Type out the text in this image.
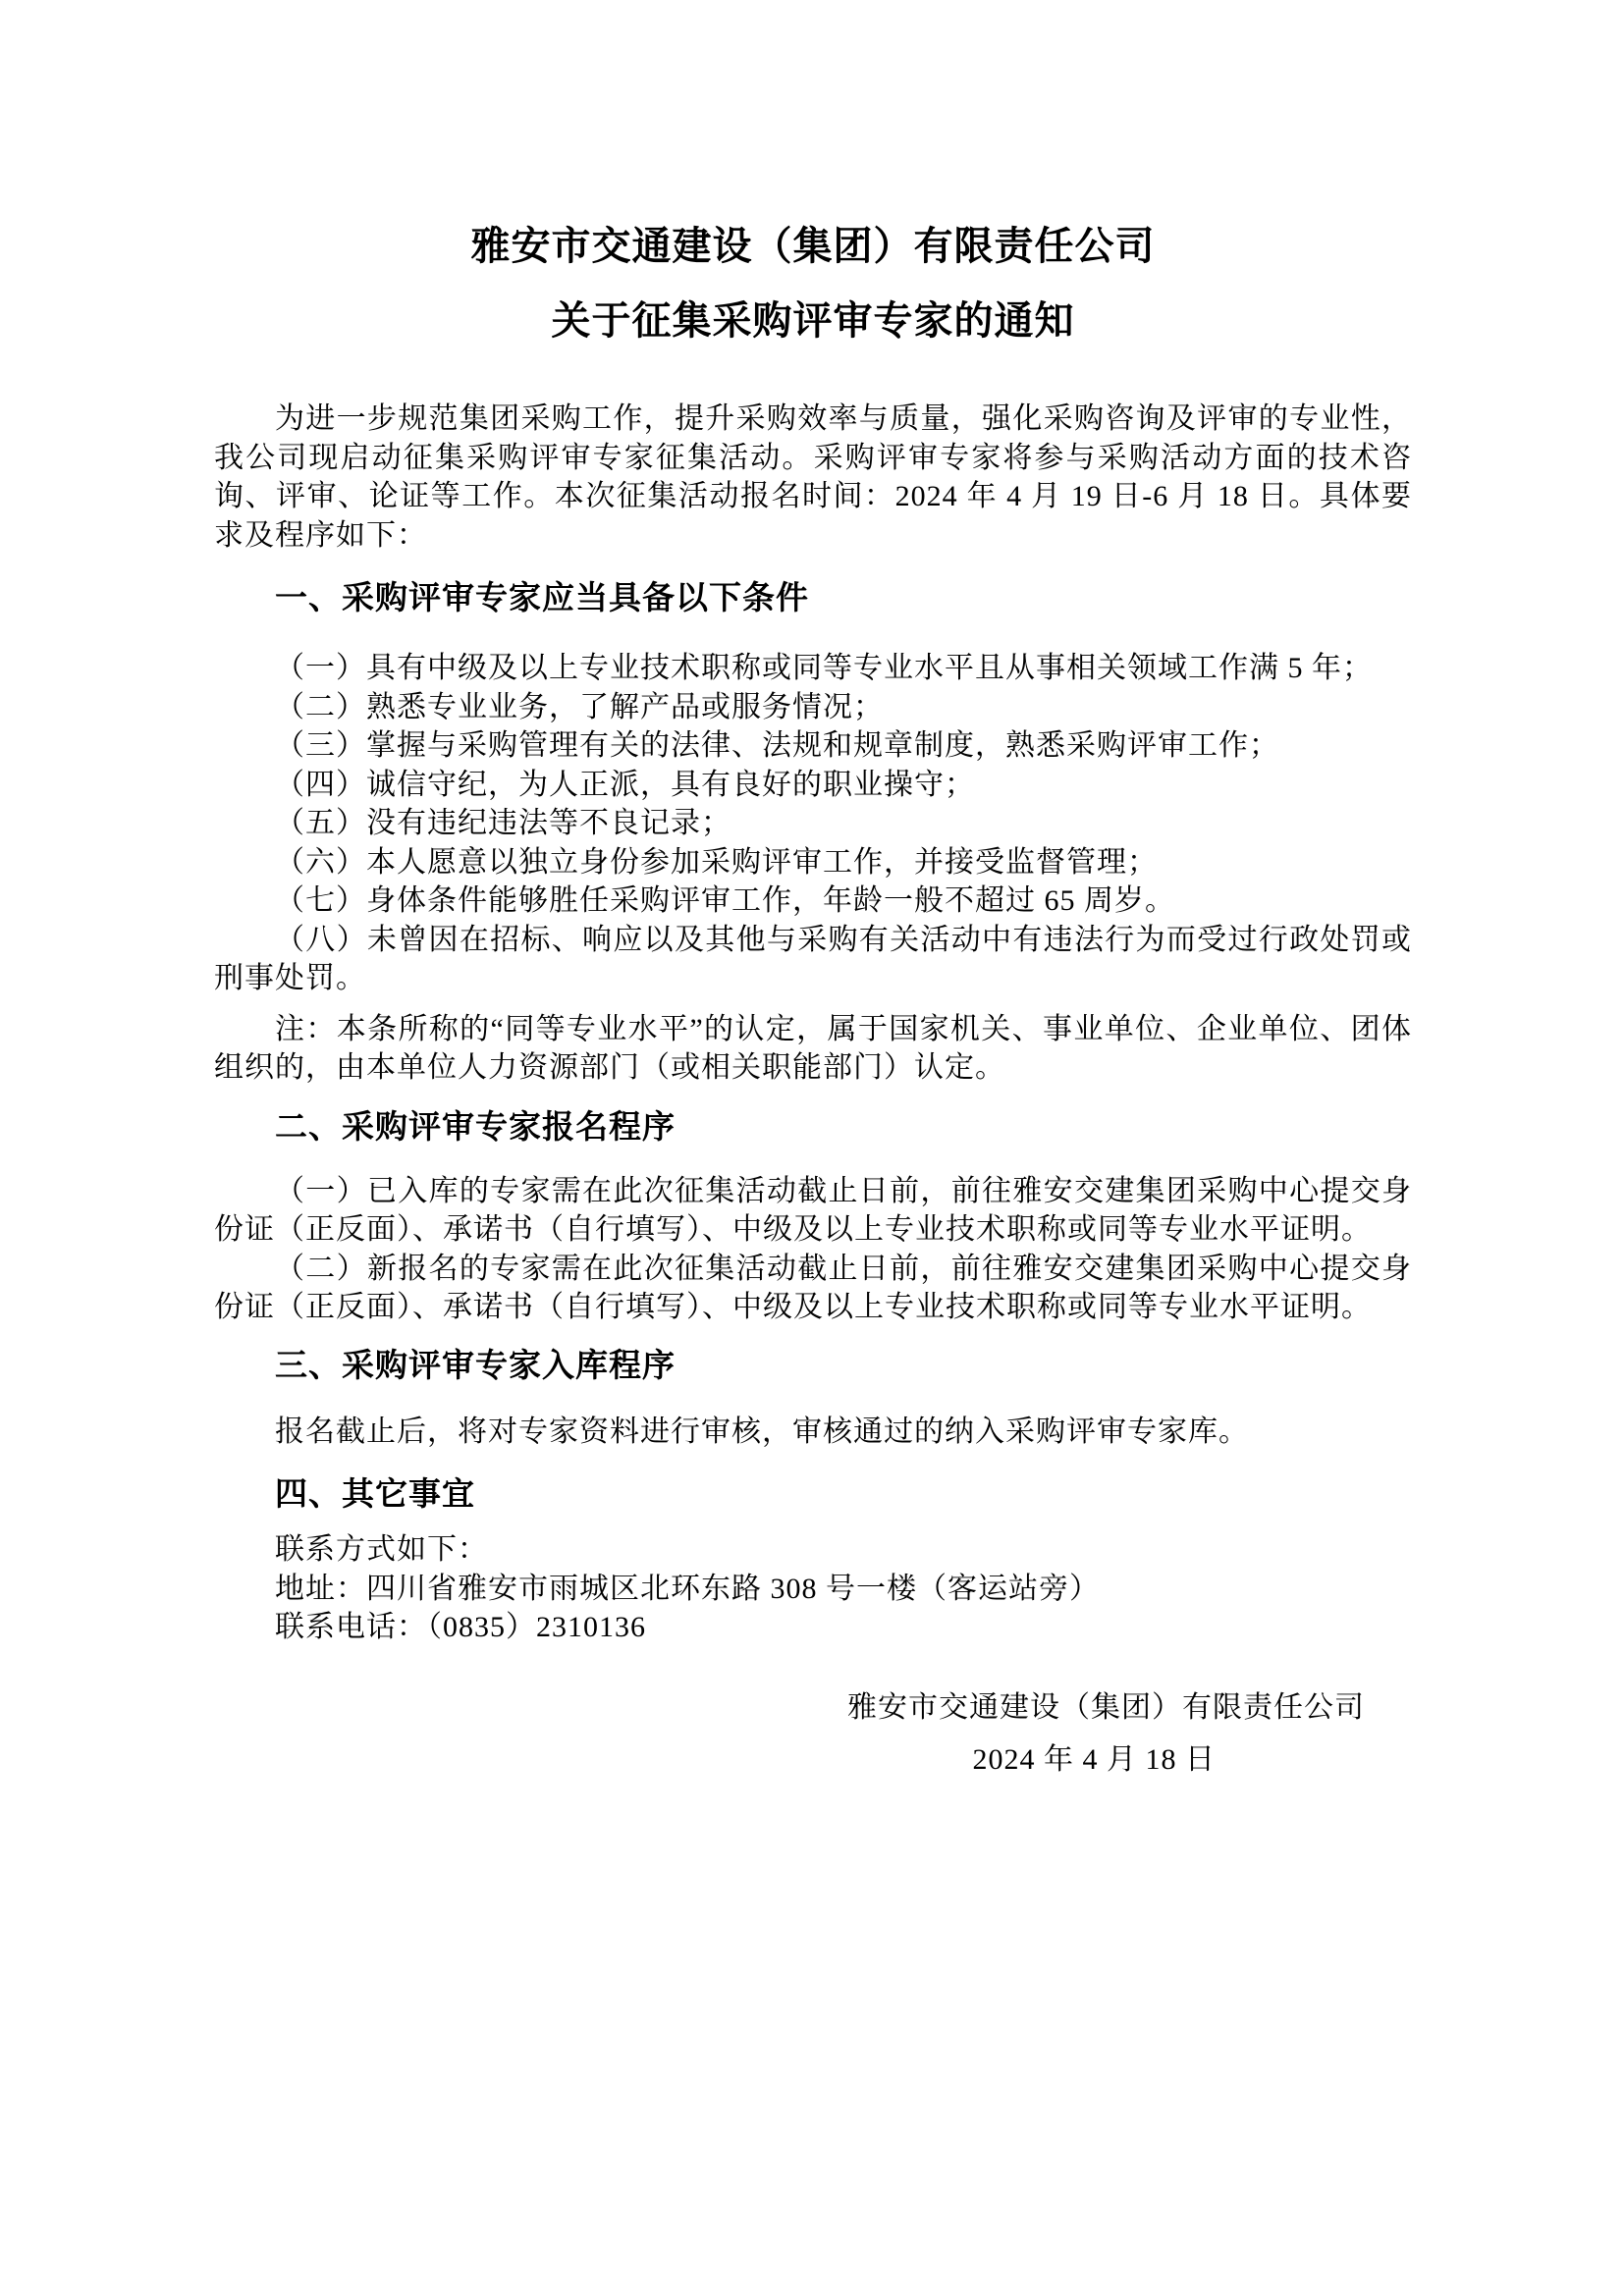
雅安市交通建设（集团）有限责任公司
关于征集采购评审专家的通知

为进一步规范集团采购工作，提升采购效率与质量，强化采购咨询及评审的专业性，我公司现启动征集采购评审专家征集活动。采购评审专家将参与采购活动方面的技术咨询、评审、论证等工作。本次征集活动报名时间：2024 年 4 月 19 日-6 月 18 日。具体要求及程序如下：

一、采购评审专家应当具备以下条件

（一）具有中级及以上专业技术职称或同等专业水平且从事相关领域工作满 5 年；

（二）熟悉专业业务，了解产品或服务情况；

（三）掌握与采购管理有关的法律、法规和规章制度，熟悉采购评审工作；

（四）诚信守纪，为人正派，具有良好的职业操守；

（五）没有违纪违法等不良记录；

（六）本人愿意以独立身份参加采购评审工作，并接受监督管理；

（七）身体条件能够胜任采购评审工作，年龄一般不超过 65 周岁。

（八）未曾因在招标、响应以及其他与采购有关活动中有违法行为而受过行政处罚或刑事处罚。

注：本条所称的“同等专业水平”的认定，属于国家机关、事业单位、企业单位、团体组织的，由本单位人力资源部门（或相关职能部门）认定。

二、采购评审专家报名程序

（一）已入库的专家需在此次征集活动截止日前，前往雅安交建集团采购中心提交身份证（正反面）、承诺书（自行填写）、中级及以上专业技术职称或同等专业水平证明。

（二）新报名的专家需在此次征集活动截止日前，前往雅安交建集团采购中心提交身份证（正反面）、承诺书（自行填写）、中级及以上专业技术职称或同等专业水平证明。

三、采购评审专家入库程序

报名截止后，将对专家资料进行审核，审核通过的纳入采购评审专家库。

四、其它事宜

联系方式如下：

地址：四川省雅安市雨城区北环东路 308 号一楼（客运站旁）

联系电话：（0835）2310136

雅安市交通建设（集团）有限责任公司

2024 年 4 月 18 日
